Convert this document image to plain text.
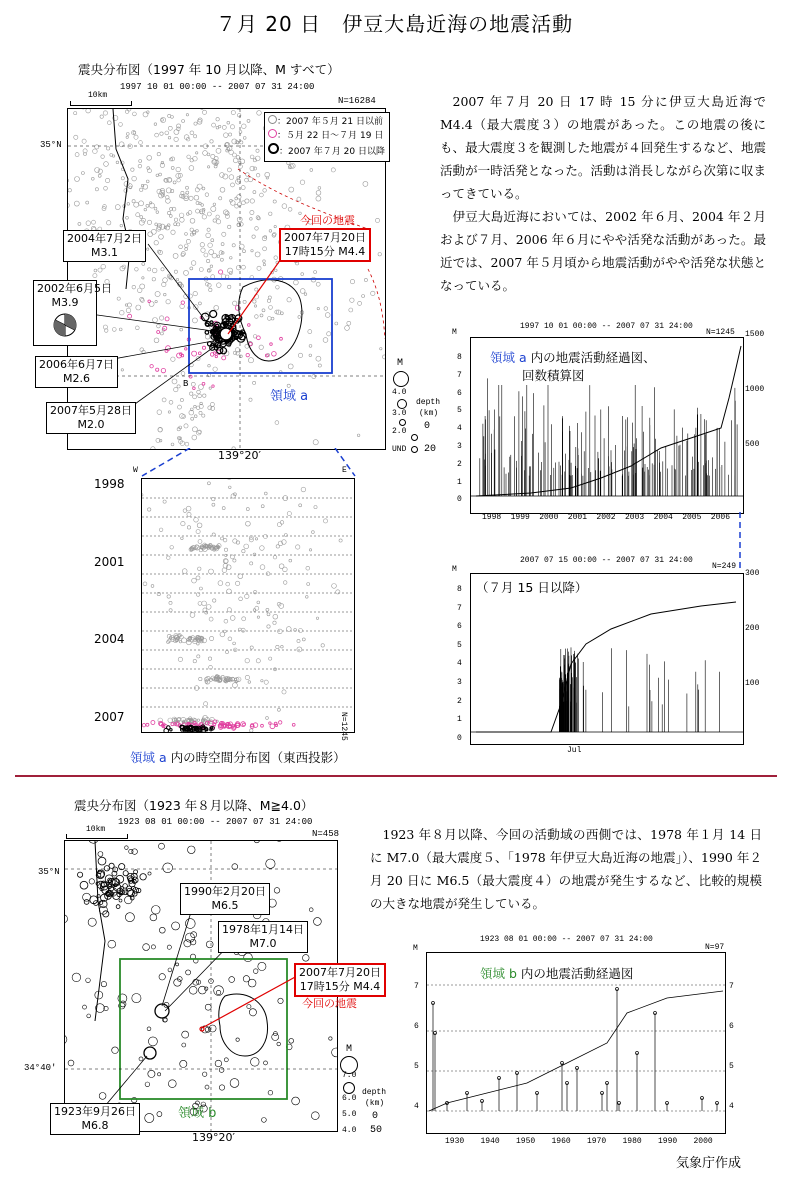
７月 20 日　伊豆大島近海の地震活動
震央分布図（1997 年 10 月以降、M すべて）
1997 10 01 00:00 -- 2007 07 31 24:00
N=16284
10km
35°N
139°20′
：2007 年５月 21 日以前
：５月 22 日～７月 19 日
：2007 年７月 20 日以降
M
4.0
3.0
2.0
UND
depth
(km)
0
20
2004年7月2日
M3.1
2002年6月5日
M3.9
2006年6月7日
M2.6
2007年5月28日
M2.0
今回の地震
2007年7月20日
17時15分 M4.4
領域 a
B

2007 年７月 20 日 17 時 15 分に伊豆大島近海で M4.4（最大震度３）の地震があった。この地震の後にも、最大震度３を観測した地震が４回発生するなど、地震活動が一時活発となった。活動は消長しながら次第に収まってきている。

伊豆大島近海においては、2002 年６月、2004 年２月および７月、2006 年６月にやや活発な活動があった。最近では、2007 年５月頃から地震活動がやや活発な状態となっている。

W	E
1998
2001
2004
2007	N=1245
領域 a 内の時空間分布図（東西投影）
1997 10 01 00:00 -- 2007 07 31 24:00
N=1245
M
8
7
6
5
4
3
2
1
0
1500
1000
500
1998 1999 2000 2001 2002 2003 2004 2005 2006
領域 a 内の地震活動経過図、
回数積算図
2007 07 15 00:00 -- 2007 07 31 24:00
N=249
M
8
7
6
5
4
3
2
1
0
300
200
100
Jul
（７月 15 日以降）
震央分布図（1923 年８月以降、M≧4.0）
1923 08 01 00:00 -- 2007 07 31 24:00
N=458
10km
35°N
34°40′
139°20′
1990年2月20日
M6.5
1978年1月14日
M7.0
1923年9月26日
M6.8
2007年7月20日
17時15分 M4.4
今回の地震
領域 b
M
7.0
6.0
5.0
4.0
depth
(km)
0
50

1923 年８月以降、今回の活動域の西側では、1978 年１月 14 日に M7.0（最大震度５、「1978 年伊豆大島近海の地震」）、1990 年２月 20 日に M6.5（最大震度４）の地震が発生するなど、比較的規模の大きな地震が発生している。

1923 08 01 00:00 -- 2007 07 31 24:00
N=97
M
7
6
5
4
7
6
5
4
1930 1940 1950 1960 1970 1980 1990 2000
領域 b 内の地震活動経過図
気象庁作成
